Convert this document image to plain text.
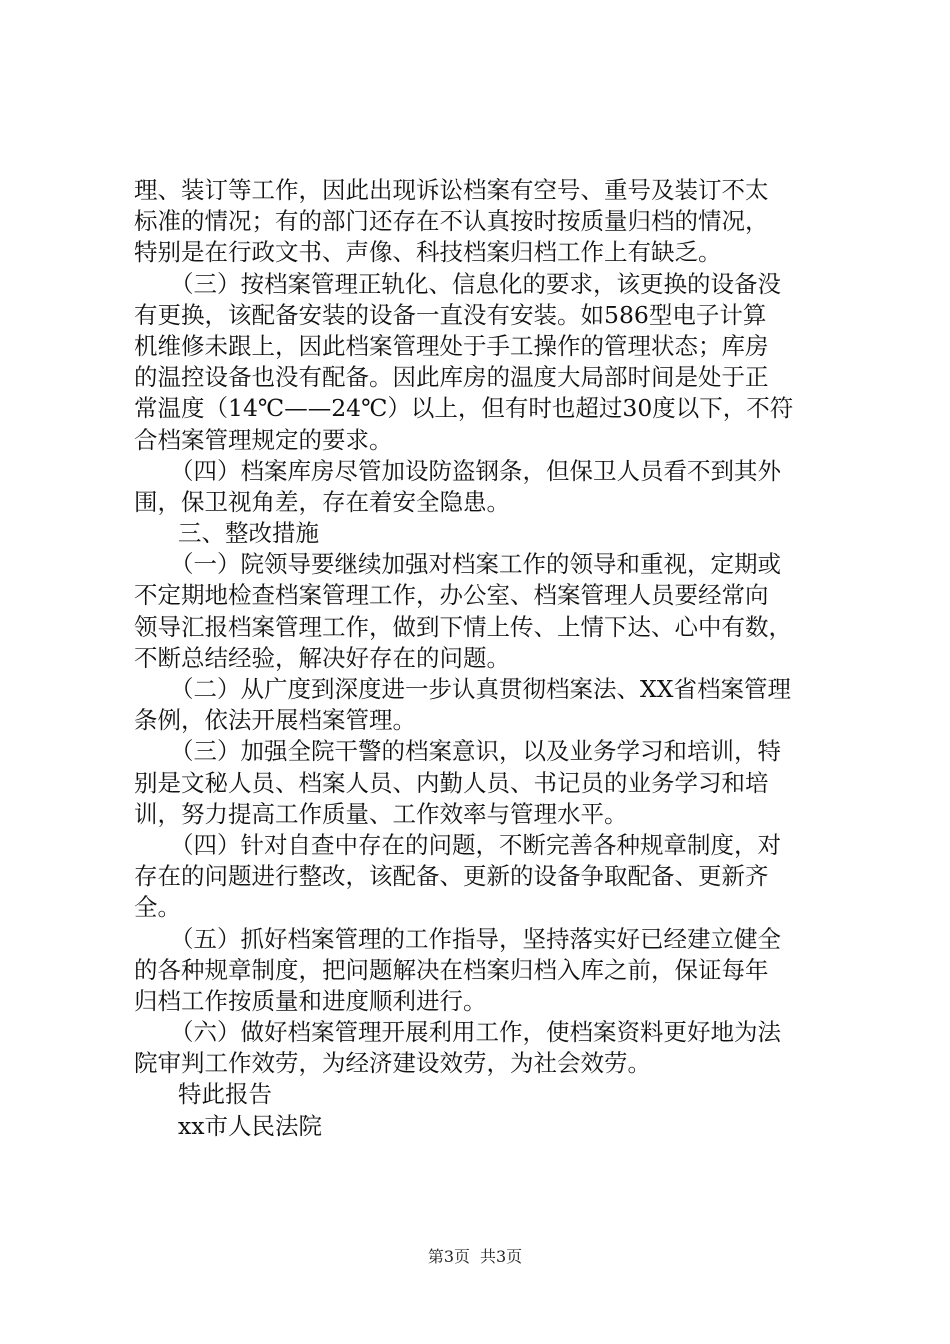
理、装订等工作，因此出现诉讼档案有空号、重号及装订不太
标准的情况；有的部门还存在不认真按时按质量归档的情况，
特别是在行政文书、声像、科技档案归档工作上有缺乏。
（三）按档案管理正轨化、信息化的要求，该更换的设备没
有更换，该配备安装的设备一直没有安装。如586型电子计算
机维修未跟上，因此档案管理处于手工操作的管理状态；库房
的温控设备也没有配备。因此库房的温度大局部时间是处于正
常温度（14℃——24℃）以上，但有时也超过30度以下，不符
合档案管理规定的要求。
（四）档案库房尽管加设防盗钢条，但保卫人员看不到其外
围，保卫视角差，存在着安全隐患。
三、整改措施
（一）院领导要继续加强对档案工作的领导和重视，定期或
不定期地检查档案管理工作，办公室、档案管理人员要经常向
领导汇报档案管理工作，做到下情上传、上情下达、心中有数，
不断总结经验，解决好存在的问题。
（二）从广度到深度进一步认真贯彻档案法、XX省档案管理
条例，依法开展档案管理。
（三）加强全院干警的档案意识，以及业务学习和培训，特
别是文秘人员、档案人员、内勤人员、书记员的业务学习和培
训，努力提高工作质量、工作效率与管理水平。
（四）针对自查中存在的问题，不断完善各种规章制度，对
存在的问题进行整改，该配备、更新的设备争取配备、更新齐
全。
（五）抓好档案管理的工作指导，坚持落实好已经建立健全
的各种规章制度，把问题解决在档案归档入库之前，保证每年
归档工作按质量和进度顺利进行。
（六）做好档案管理开展利用工作，使档案资料更好地为法
院审判工作效劳，为经济建设效劳，为社会效劳。
特此报告
xx市人民法院
第3页 共3页
